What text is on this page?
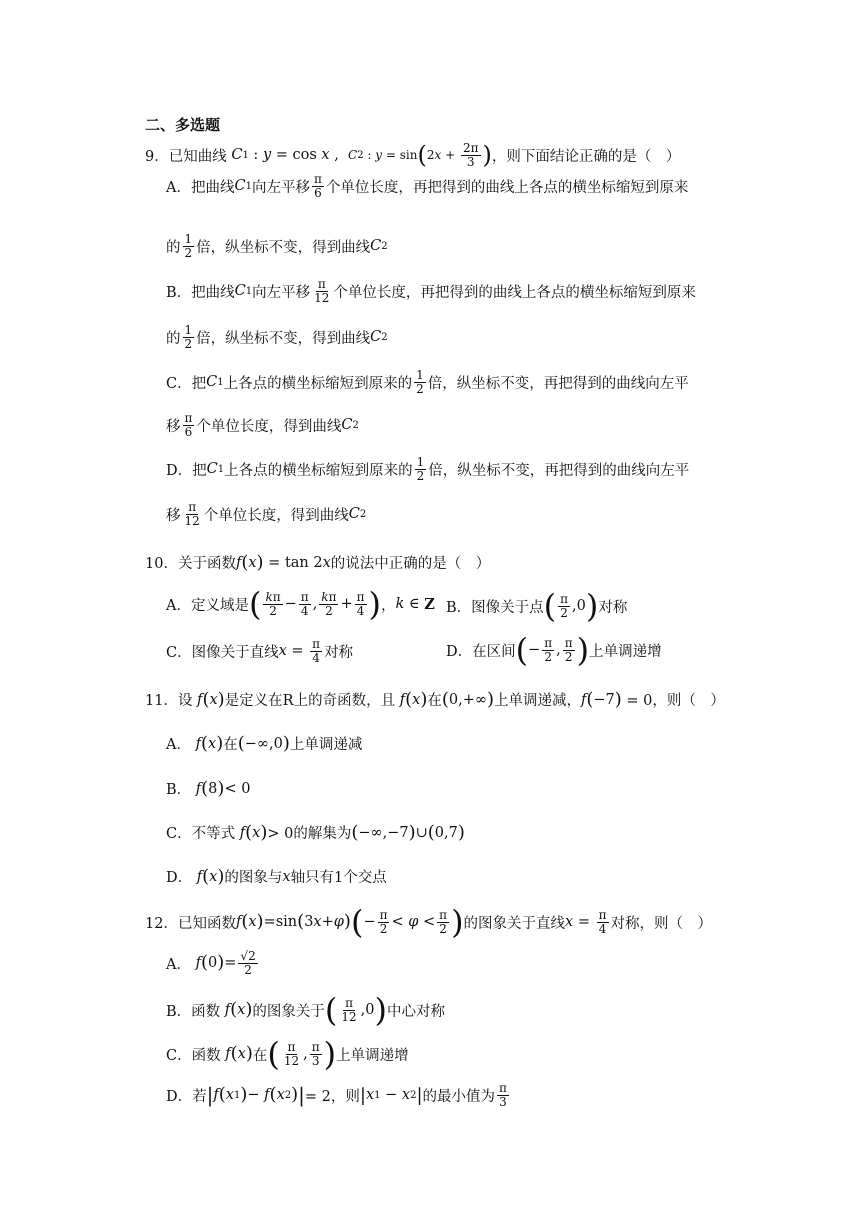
二、多选题
9．已知曲线 C 1 : y = cos x , C 2 : y = sin ( 2 $x + \frac{2\pi}{3}$ ) ，则下面结论正确的是（　）
A．把曲线 C 1 向左平移 $\frac{\pi}{6}$ 个单位长度，再把得到的曲线上各点的横坐标缩短到原来
的 $\frac{1}{2}$ 倍，纵坐标不变，得到曲线 C 2
B．把曲线 C 1 向左平移 $\frac{\pi}{12}$ 个单位长度，再把得到的曲线上各点的横坐标缩短到原来
的 $\frac{1}{2}$ 倍，纵坐标不变，得到曲线 C 2
C．把 C 1 上各点的横坐标缩短到原来的 $\frac{1}{2}$ 倍，纵坐标不变，再把得到的曲线向左平
移 $\frac{\pi}{6}$ 个单位长度，得到曲线 C 2
D．把 C 1 上各点的横坐标缩短到原来的 $\frac{1}{2}$ 倍，纵坐标不变，再把得到的曲线向左平
移 $\frac{\pi}{12}$ 个单位长度，得到曲线 C 2
10．关于函数 f ( x ) = tan 2 x 的说法中正确的是（　）
A．定义域是 ( $\frac{k\pi}{2} - \frac{\pi}{4}$ , $\frac{k\pi}{2} + \frac{\pi}{4}$ ) ， k ∈ Z B．图像关于点 ( $\frac{\pi}{2} ,0$ ) 对称
C．图像关于直线 $x = \frac{\pi}{4}$ 对称	D．在区间 ( − $\frac{\pi}{2}$ , $\frac{\pi}{2}$ ) 上单调递增
11．设 f ( x ) 是定义在R上的奇函数，且 f ( x ) 在 ( 0,+∞ ) 上单调递减， f ( −7 ) = 0，则（　）
A． f ( x ) 在 ( −∞,0 ) 上单调递减
B． f ( 8 ) < 0
C．不等式 f ( x ) > 0的解集为 ( −∞,−7 ) ∪ ( 0,7 )
D． f ( x ) 的图象与 x 轴只有1个交点
12．已知函数 f ( x ) =sin ( 3 x + φ ) ( − $\frac{\pi}{2} < \varphi < \frac{\pi}{2}$ ) 的图象关于直线 $x = \frac{\pi}{4}$ 对称，则（　）
A． f ( 0 ) = $\frac{√2}{2}$
B．函数 f ( x ) 的图象关于 ( $\frac{\pi}{12} ,0$ ) 中心对称
C．函数 f ( x ) 在 ( $\frac{\pi}{12}$ , $\frac{\pi}{3}$ ) 上单调递增
D．若 | f ( x 1 ) − f ( x 2 ) | = 2，则 | x 1 − x 2 | 的最小值为 $\frac{\pi}{3}$
